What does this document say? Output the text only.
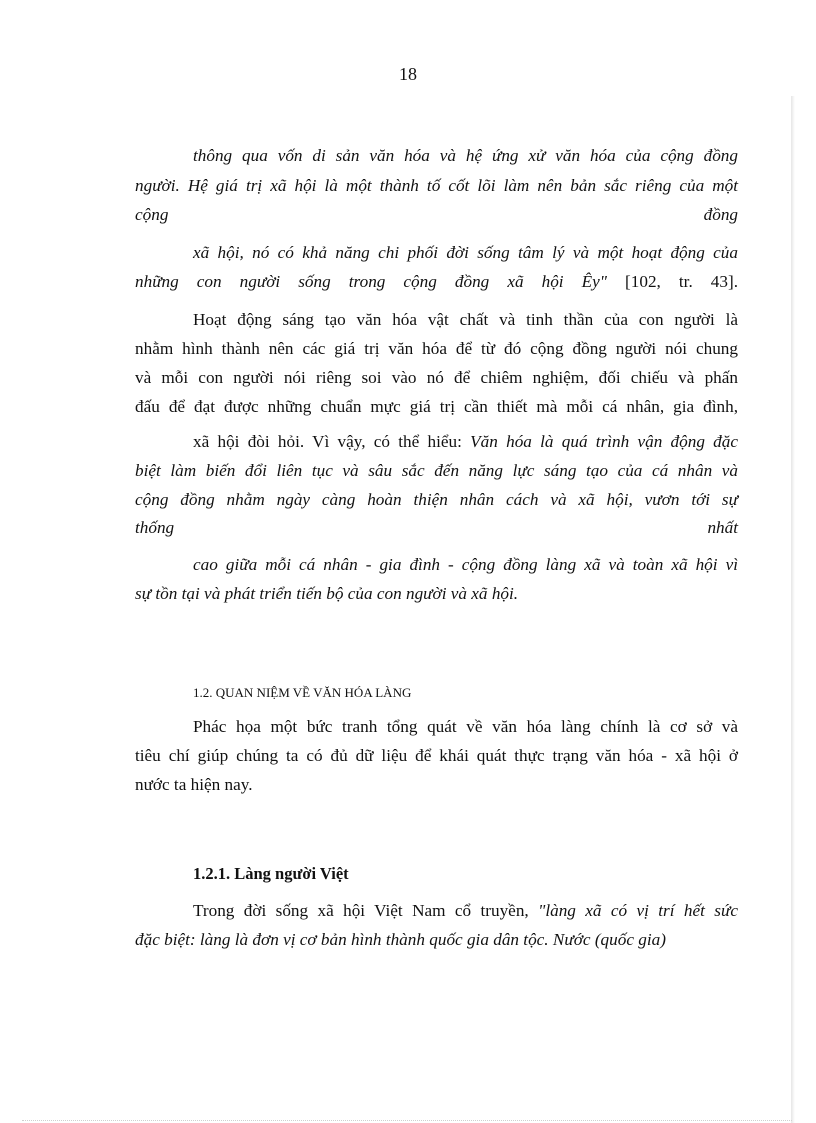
18
thông qua vốn di sản văn hóa và hệ ứng xử văn hóa của cộng đồng
người. Hệ giá trị xã hội là một thành tố cốt lõi làm nên bản sắc riêng của một
cộng	đồng
xã hội, nó có khả năng chi phối đời sống tâm lý và một hoạt động của
những con người sống trong cộng đồng xã hội Êy" [102, tr. 43].
Hoạt động sáng tạo văn hóa vật chất và tinh thần của con người là
nhằm hình thành nên các giá trị văn hóa để từ đó cộng đồng người nói chung
và mỗi con người nói riêng soi vào nó để chiêm nghiệm, đối chiếu và phấn
đấu để đạt được những chuẩn mực giá trị cần thiết mà mỗi cá nhân, gia đình,
xã hội đòi hỏi. Vì vậy, có thể hiểu: Văn hóa là quá trình vận động đặc
biệt làm biến đổi liên tục và sâu sắc đến năng lực sáng tạo của cá nhân và
cộng đồng nhằm ngày càng hoàn thiện nhân cách và xã hội, vươn tới sự
thống	nhất
cao giữa mỗi cá nhân - gia đình - cộng đồng làng xã và toàn xã hội vì
sự tồn tại và phát triển tiến bộ của con người và xã hội.
1.2. QUAN NIỆM VỀ VĂN HÓA LÀNG
Phác họa một bức tranh tổng quát về văn hóa làng chính là cơ sở và
tiêu chí giúp chúng ta có đủ dữ liệu để khái quát thực trạng văn hóa - xã hội ở
nước ta hiện nay.
1.2.1. Làng người Việt
Trong đời sống xã hội Việt Nam cổ truyền, "làng xã có vị trí hết sức
đặc biệt: làng là đơn vị cơ bản hình thành quốc gia dân tộc. Nước (quốc gia)
